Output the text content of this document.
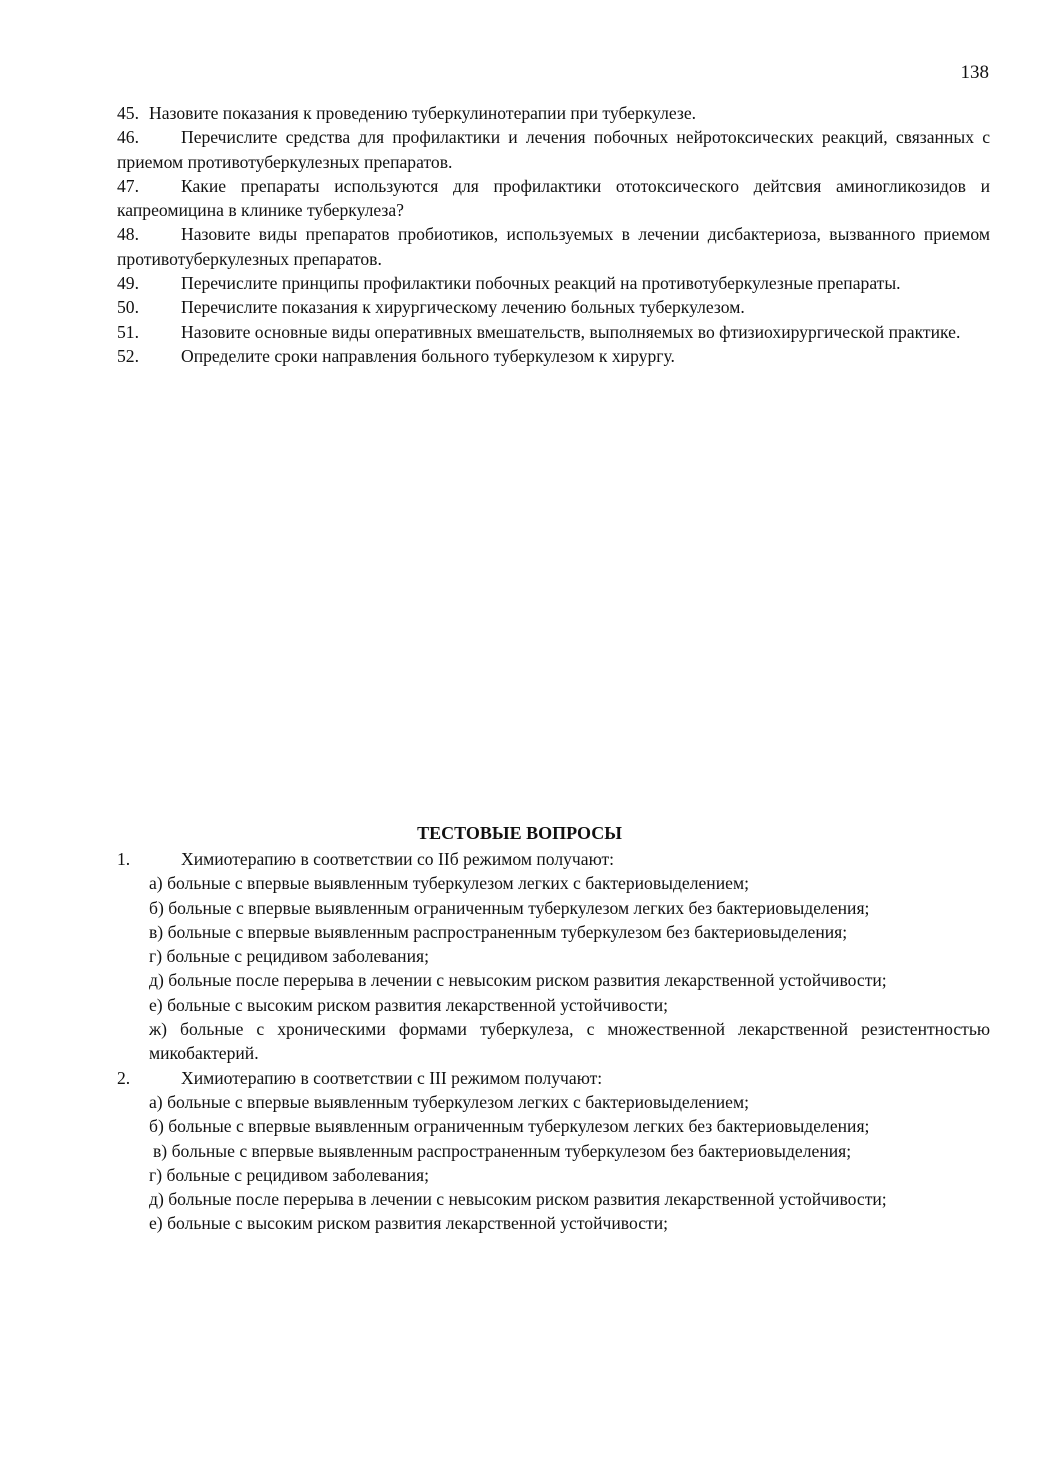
138
45. Назовите показания к проведению туберкулинотерапии при туберкулезе.
46.	Перечислите средства для профилактики и лечения побочных нейротоксических реакций, связанных с приемом противотуберкулезных препаратов.
47.	Какие препараты используются для профилактики ототоксического дейтсвия аминогликозидов и капреомицина в клинике туберкулеза?
48.	Назовите виды препаратов пробиотиков, используемых в лечении дисбактериоза, вызванного приемом противотуберкулезных препаратов.
49.	Перечислите принципы профилактики побочных реакций на противотуберкулезные препараты.
50.	Перечислите показания к хирургическому лечению больных туберкулезом.
51.	Назовите основные виды оперативных вмешательств, выполняемых во фтизиохирургической практике.
52.	Определите сроки направления больного туберкулезом к хирургу.
ТЕСТОВЫЕ ВОПРОСЫ
1.	Химиотерапию в соответствии со IIб режимом получают:
а) больные с впервые выявленным туберкулезом легких с бактериовыделением;
б) больные с впервые выявленным ограниченным туберкулезом легких без бактериовыделения;
в) больные с впервые выявленным распространенным туберкулезом без бактериовыделения;
г) больные с рецидивом заболевания;
д) больные после перерыва в лечении с невысоким риском развития лекарственной устойчивости;
е) больные с высоким риском развития лекарственной устойчивости;
ж) больные с хроническими формами туберкулеза, с множественной лекарственной резистентностью микобактерий.
2.	Химиотерапию в соответствии с III режимом получают:
а) больные с впервые выявленным туберкулезом легких с бактериовыделением;
б) больные с впервые выявленным ограниченным туберкулезом легких без бактериовыделения;
в) больные с впервые выявленным распространенным туберкулезом без бактериовыделения;
г) больные с рецидивом заболевания;
д) больные после перерыва в лечении с невысоким риском развития лекарственной устойчивости;
е) больные с высоким риском развития лекарственной устойчивости;
